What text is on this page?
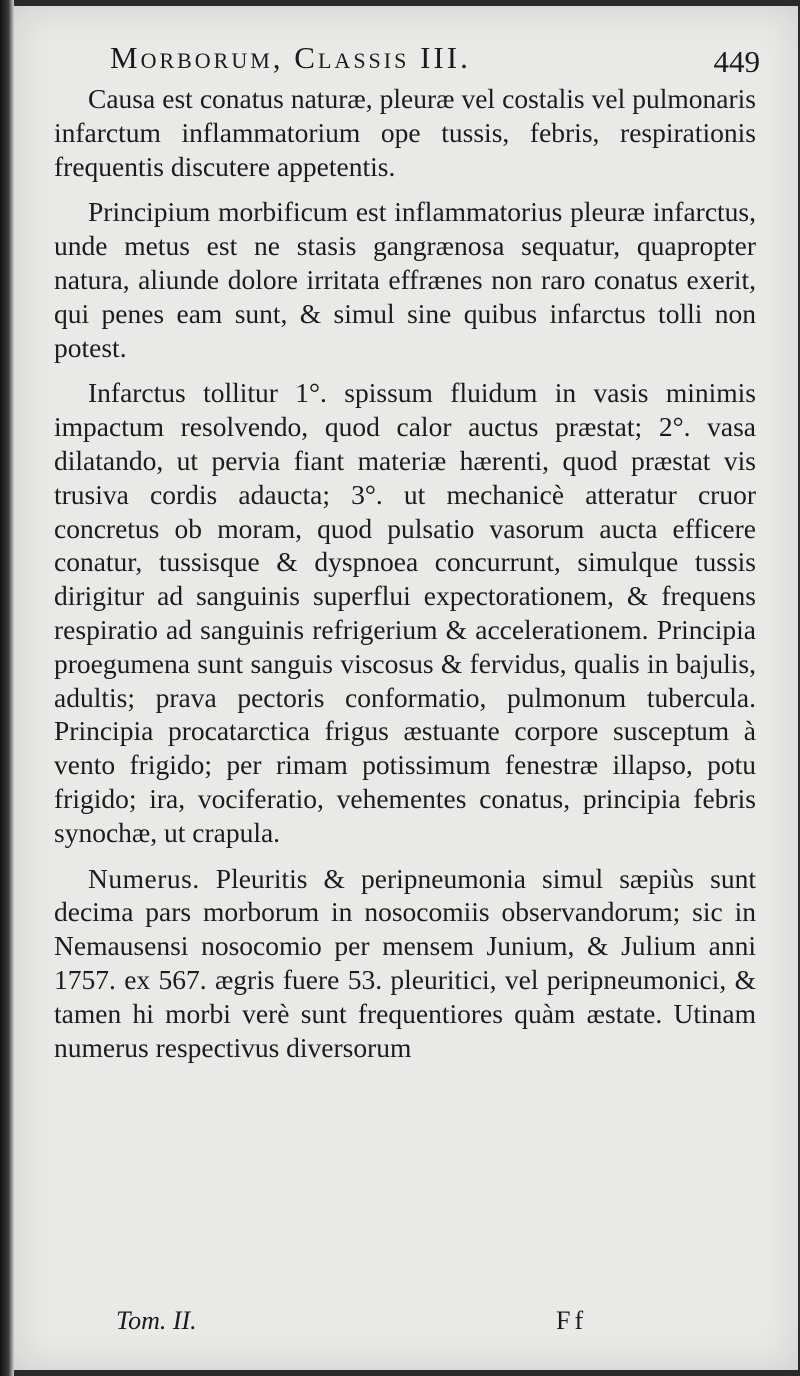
Morborum, Classis III.	449

Causa est conatus naturæ, pleuræ vel costalis vel pulmonaris infarctum inflammatorium ope tussis, febris, respirationis frequentis discutere appetentis.

Principium morbificum est inflammatorius pleuræ infarctus, unde metus est ne stasis gangrænosa sequatur, quapropter natura, aliunde dolore irritata effrænes non raro conatus exerit, qui penes eam sunt, & simul sine quibus infarctus tolli non potest.

Infarctus tollitur 1°. spissum fluidum in vasis minimis impactum resolvendo, quod calor auctus præstat; 2°. vasa dilatando, ut pervia fiant materiæ hærenti, quod præstat vis trusiva cordis adaucta; 3°. ut mechanicè atteratur cruor concretus ob moram, quod pulsatio vasorum aucta efficere conatur, tussisque & dyspnoea concurrunt, simulque tussis dirigitur ad sanguinis superflui expectorationem, & frequens respiratio ad sanguinis refrigerium & accelerationem. Principia proegumena sunt sanguis viscosus & fervidus, qualis in bajulis, adultis; prava pectoris conformatio, pulmonum tubercula. Principia procatarctica frigus æstuante corpore susceptum à vento frigido; per rimam potissimum fenestræ illapso, potu frigido; ira, vociferatio, vehementes conatus, principia febris synochæ, ut crapula.

Numerus. Pleuritis & peripneumonia simul sæpiùs sunt decima pars morborum in nosocomiis observandorum; sic in Nemausensi nosocomio per mensem Junium, & Julium anni 1757. ex 567. ægris fuere 53. pleuritici, vel peripneumonici, & tamen hi morbi verè sunt frequentiores quàm æstate. Utinam numerus respectivus diversorum

Tom. II.	Ff
